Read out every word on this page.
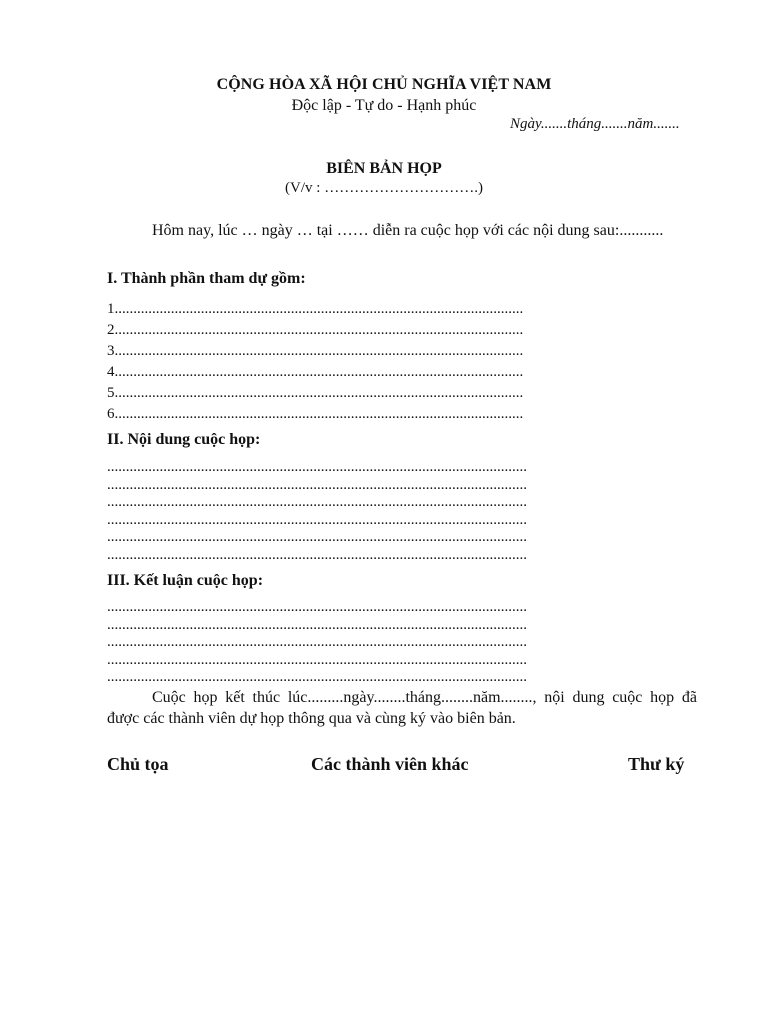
CỘNG HÒA XÃ HỘI CHỦ NGHĨA VIỆT NAM
Độc lập - Tự do - Hạnh phúc
Ngày.......tháng.......năm.......
BIÊN BẢN HỌP
(V/v : ………………………….)

Hôm nay, lúc … ngày … tại …… diễn ra cuộc họp với các nội dung sau:...........

I. Thành phần tham dự gồm:
1.............................................................................................................
2.............................................................................................................
3.............................................................................................................
4.............................................................................................................
5.............................................................................................................
6.............................................................................................................
II. Nội dung cuộc họp:
................................................................................................................
................................................................................................................
................................................................................................................
................................................................................................................
................................................................................................................
................................................................................................................
III. Kết luận cuộc họp:
................................................................................................................
................................................................................................................
................................................................................................................
................................................................................................................
................................................................................................................

Cuộc họp kết thúc lúc.........ngày........tháng........năm........, nội dung cuộc họp đã được các thành viên dự họp thông qua và cùng ký vào biên bản.

Chủ tọa	Các thành viên khác	Thư ký
